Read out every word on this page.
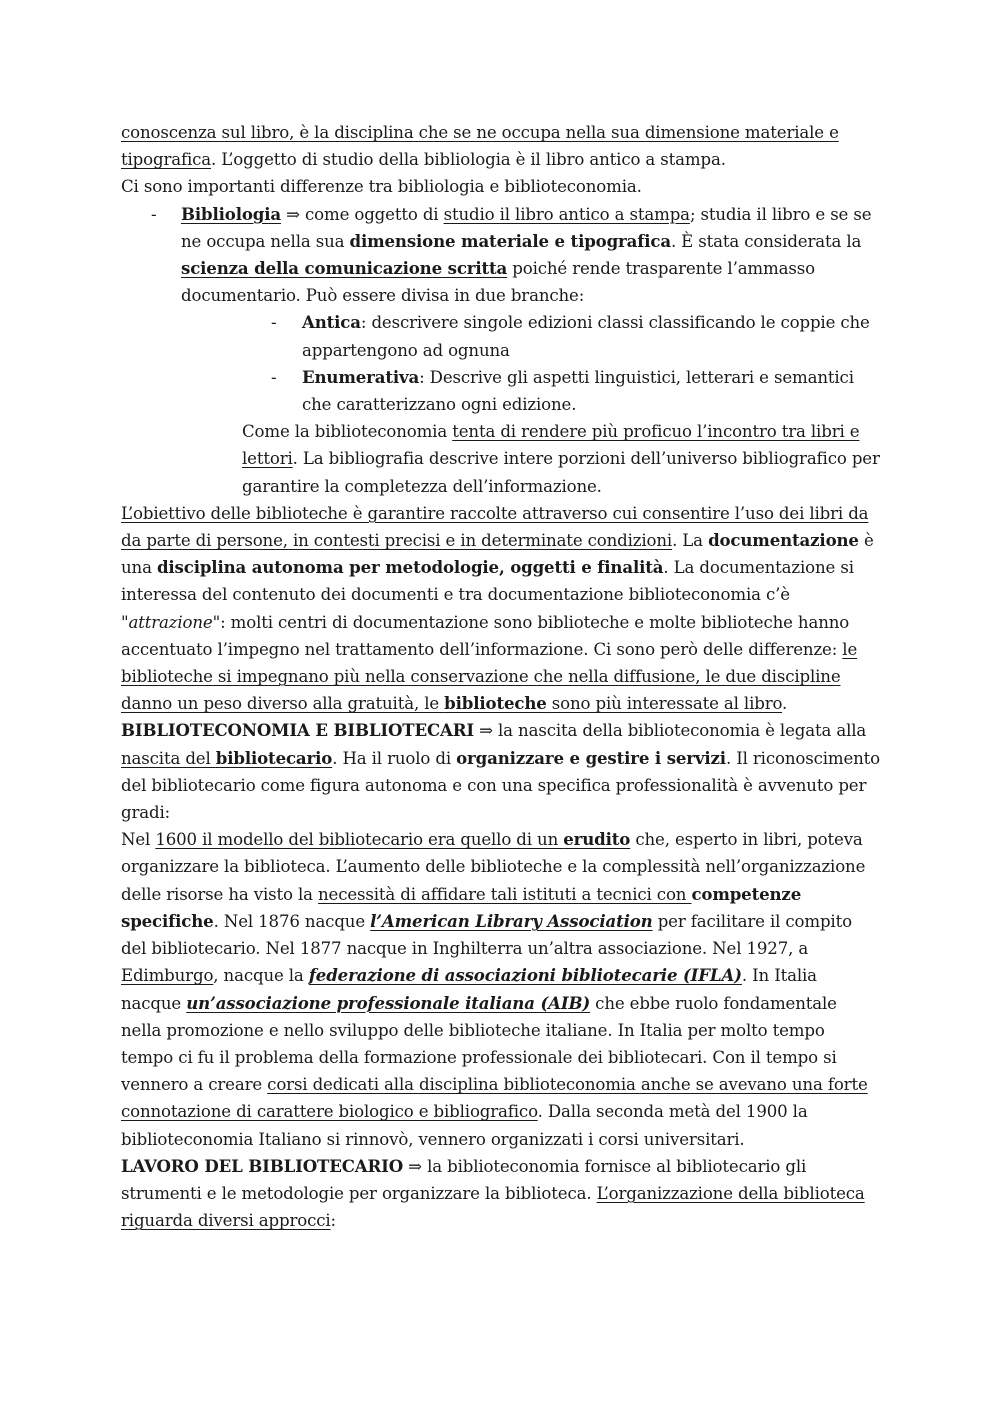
conoscenza sul libro, è la disciplina che se ne occupa nella sua dimensione materiale e tipografica. L’oggetto di studio della bibliologia è il libro antico a stampa.

Ci sono importanti differenze tra bibliologia e biblioteconomia.

- Bibliologia ⇒ come oggetto di studio il libro antico a stampa; studia il libro e se se ne occupa nella sua dimensione materiale e tipografica. È stata considerata la scienza della comunicazione scritta poiché rende trasparente l’ammasso documentario. Può essere divisa in due branche:
- Antica: descrivere singole edizioni classi classificando le coppie che appartengono ad ognuna
- Enumerativa: Descrive gli aspetti linguistici, letterari e semantici che caratterizzano ogni edizione.

Come la biblioteconomia tenta di rendere più proficuo l’incontro tra libri e lettori. La bibliografia descrive intere porzioni dell’universo bibliografico per garantire la completezza dell’informazione.

L’obiettivo delle biblioteche è garantire raccolte attraverso cui consentire l’uso dei libri da da parte di persone, in contesti precisi e in determinate condizioni. La documentazione è una disciplina autonoma per metodologie, oggetti e finalità. La documentazione si interessa del contenuto dei documenti e tra documentazione biblioteconomia c’è "attrazione": molti centri di documentazione sono biblioteche e molte biblioteche hanno accentuato l’impegno nel trattamento dell’informazione. Ci sono però delle differenze: le biblioteche si impegnano più nella conservazione che nella diffusione, le due discipline danno un peso diverso alla gratuità, le biblioteche sono più interessate al libro.

BIBLIOTECONOMIA E BIBLIOTECARI ⇒ la nascita della biblioteconomia è legata alla nascita del bibliotecario. Ha il ruolo di organizzare e gestire i servizi. Il riconoscimento del bibliotecario come figura autonoma e con una specifica professionalità è avvenuto per gradi:

Nel 1600 il modello del bibliotecario era quello di un erudito che, esperto in libri, poteva organizzare la biblioteca. L’aumento delle biblioteche e la complessità nell’organizzazione delle risorse ha visto la necessità di affidare tali istituti a tecnici con competenze specifiche. Nel 1876 nacque l’American Library Association per facilitare il compito del bibliotecario. Nel 1877 nacque in Inghilterra un’altra associazione. Nel 1927, a Edimburgo, nacque la federazione di associazioni bibliotecarie (IFLA). In Italia nacque un’associazione professionale italiana (AIB) che ebbe ruolo fondamentale nella promozione e nello sviluppo delle biblioteche italiane. In Italia per molto tempo tempo ci fu il problema della formazione professionale dei bibliotecari. Con il tempo si vennero a creare corsi dedicati alla disciplina biblioteconomia anche se avevano una forte connotazione di carattere biologico e bibliografico. Dalla seconda metà del 1900 la biblioteconomia Italiano si rinnovò, vennero organizzati i corsi universitari.

LAVORO DEL BIBLIOTECARIO ⇒ la biblioteconomia fornisce al bibliotecario gli strumenti e le metodologie per organizzare la biblioteca. L’organizzazione della biblioteca riguarda diversi approcci:
